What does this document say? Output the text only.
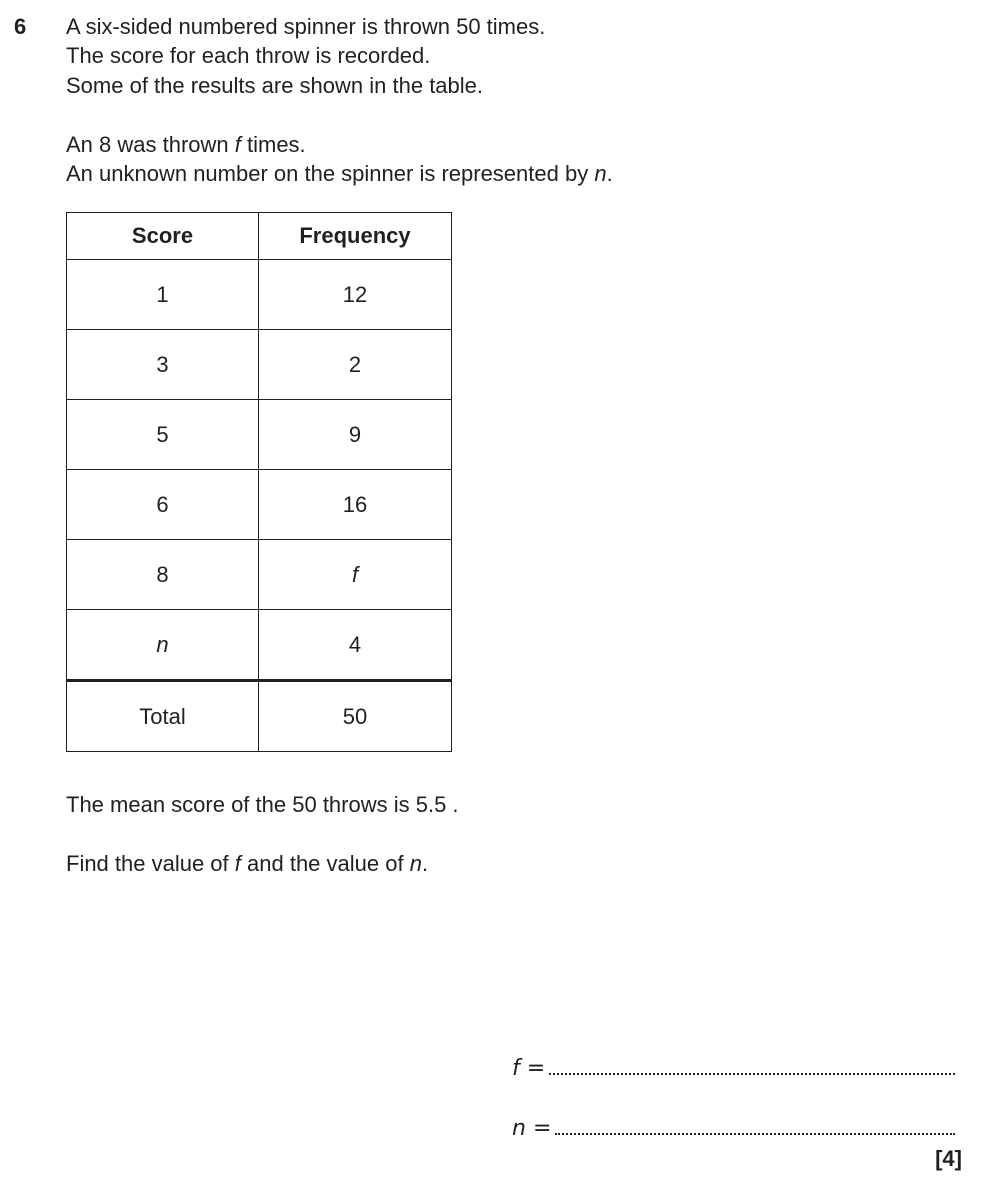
6 A six-sided numbered spinner is thrown 50 times.
The score for each throw is recorded.
Some of the results are shown in the table.
An 8 was thrown f times.
An unknown number on the spinner is represented by n.
Score	Frequency
1	12
3	2
5	9
6	16
8	f
n	4
Total	50
The mean score of the 50 throws is 5.5 .
Find the value of f and the value of n.
f =
n =
[4]
